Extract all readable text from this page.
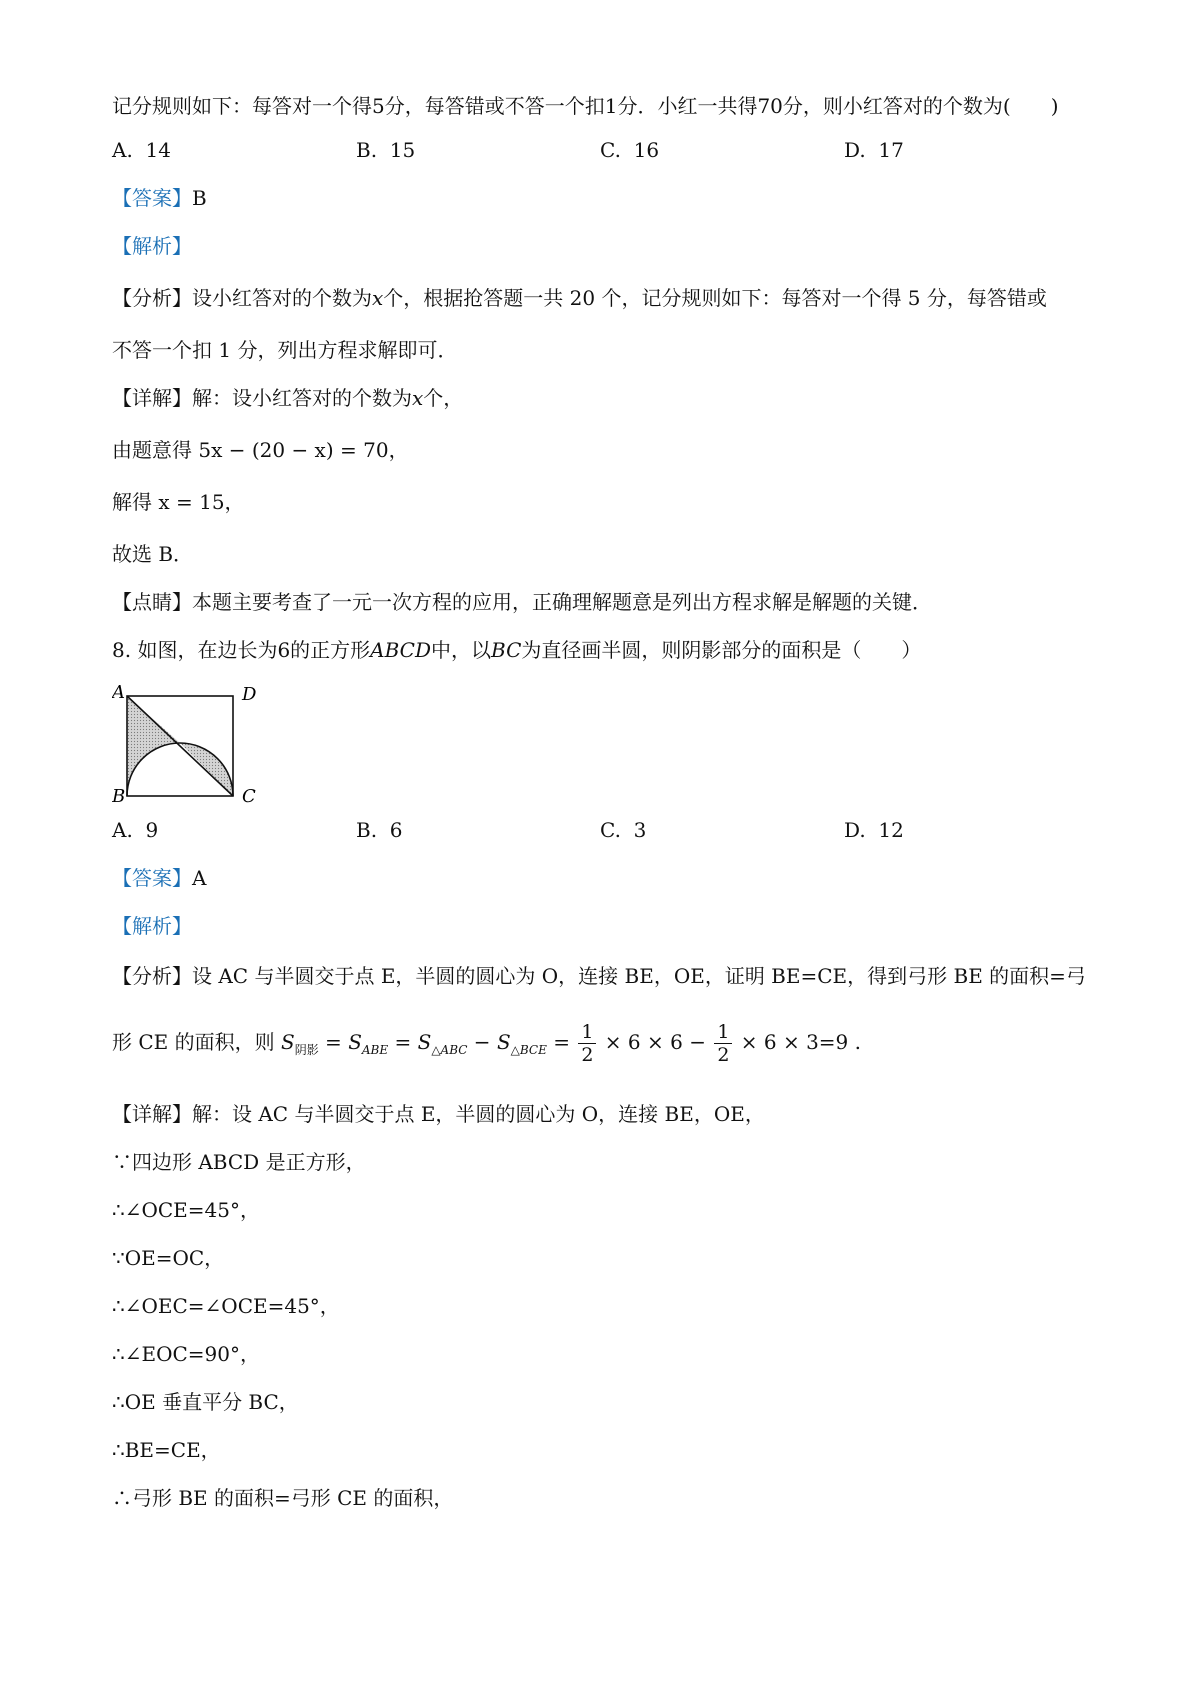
记分规则如下：每答对一个得5分，每答错或不答一个扣1分．小红一共得70分，则小红答对的个数为(　　)
A. 14	B. 15	C. 16	D. 17
【答案】B
【解析】
【分析】设小红答对的个数为x个，根据抢答题一共 20 个，记分规则如下：每答对一个得 5 分，每答错或
不答一个扣 1 分，列出方程求解即可．
【详解】解：设小红答对的个数为x个，
由题意得 5x − (20 − x) = 70，
解得 x = 15，
故选 B．
【点睛】本题主要考查了一元一次方程的应用，正确理解题意是列出方程求解是解题的关键．
8. 如图，在边长为6的正方形ABCD中，以BC为直径画半圆，则阴影部分的面积是（　　）
A	D
B	C
A. 9	B. 6	C. 3	D. 12
【答案】A
【解析】
【分析】设 AC 与半圆交于点 E，半圆的圆心为 O，连接 BE，OE，证明 BE=CE，得到弓形 BE 的面积=弓
形 CE 的面积，则 $S_{阴影} = S_{ABE} = S_{\triangle ABC} - S_{\triangle BCE} = \frac{1}{2} \times 6 \times 6 - \frac{1}{2} \times 6 \times 3=9$ .
【详解】解：设 AC 与半圆交于点 E，半圆的圆心为 O，连接 BE，OE，
∵四边形 ABCD 是正方形，
∴∠OCE=45°，
∵OE=OC，
∴∠OEC=∠OCE=45°，
∴∠EOC=90°，
∴OE 垂直平分 BC，
∴BE=CE，
∴弓形 BE 的面积=弓形 CE 的面积，
